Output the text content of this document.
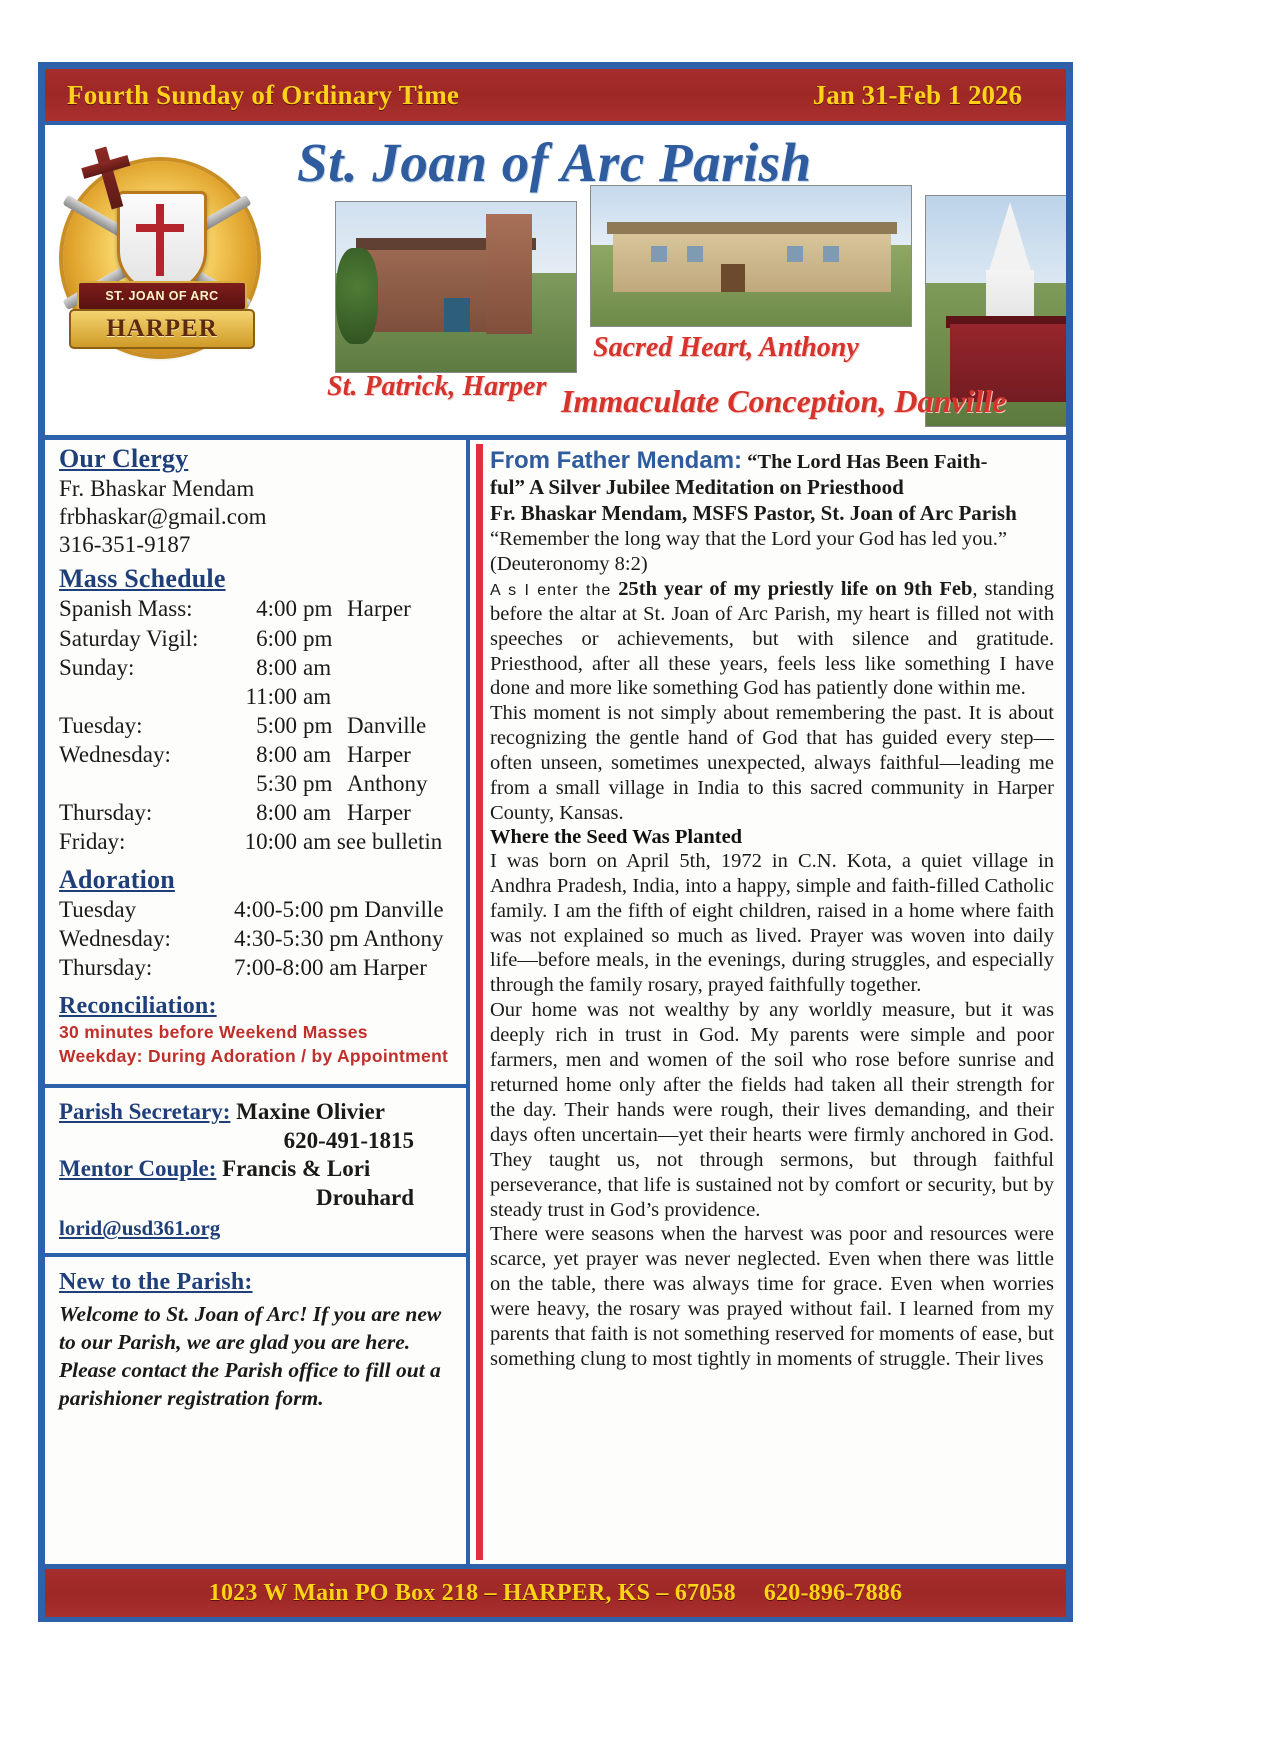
Fourth Sunday of Ordinary Time	Jan 31-Feb 1 2026
St. Joan of Arc Parish
ST. JOAN OF ARC
HARPER
St. Patrick, Harper
Sacred Heart, Anthony
Immaculate Conception, Danville
Our Clergy
Fr. Bhaskar Mendam
frbhaskar@gmail.com
316-351-9187
Mass Schedule
Spanish Mass:	4:00	pm	Harper
Saturday Vigil:	6:00	pm	
Sunday:	8:00	am	
	11:00	am	
Tuesday:	5:00	pm	Danville
Wednesday:	8:00	am	Harper
	5:30	pm	Anthony
Thursday:	8:00	am	Harper
Friday:	10:00	am see bulletin	
Adoration
Tuesday	4:00-5:00 pm Danville
Wednesday:	4:30-5:30 pm Anthony
Thursday:	7:00-8:00 am Harper
Reconciliation:
30 minutes before Weekend Masses
Weekday: During Adoration / by Appointment
Parish Secretary: Maxine Olivier
620-491-1815
Mentor Couple: Francis & Lori
Drouhard
lorid@usd361.org
New to the Parish:
Welcome to St. Joan of Arc! If you are new to our Parish, we are glad you are here. Please contact the Parish office to fill out a parishioner registration form.

From Father Mendam: “The Lord Has Been Faith-

ful” A Silver Jubilee Meditation on Priesthood

Fr. Bhaskar Mendam, MSFS Pastor, St. Joan of Arc Parish

“Remember the long way that the Lord your God has led you.”

(Deuteronomy 8:2)

A s I enter the 25th year of my priestly life on 9th Feb, standing before the altar at St. Joan of Arc Parish, my heart is filled not with speeches or achievements, but with silence and gratitude. Priesthood, after all these years, feels less like something I have done and more like something God has patiently done within me.

This moment is not simply about remembering the past. It is about recognizing the gentle hand of God that has guided every step—often unseen, sometimes unexpected, always faithful—leading me from a small village in India to this sacred community in Harper County, Kansas.

Where the Seed Was Planted

I was born on April 5th, 1972 in C.N. Kota, a quiet village in Andhra Pradesh, India, into a happy, simple and faith-filled Catholic family. I am the fifth of eight children, raised in a home where faith was not explained so much as lived. Prayer was woven into daily life—before meals, in the evenings, during struggles, and especially through the family rosary, prayed faithfully together.

Our home was not wealthy by any worldly measure, but it was deeply rich in trust in God. My parents were simple and poor farmers, men and women of the soil who rose before sunrise and returned home only after the fields had taken all their strength for the day. Their hands were rough, their lives demanding, and their days often uncertain—yet their hearts were firmly anchored in God. They taught us, not through sermons, but through faithful perseverance, that life is sustained not by comfort or security, but by steady trust in God’s providence.

There were seasons when the harvest was poor and resources were scarce, yet prayer was never neglected. Even when there was little on the table, there was always time for grace. Even when worries were heavy, the rosary was prayed without fail. I learned from my parents that faith is not something reserved for moments of ease, but something clung to most tightly in moments of struggle. Their lives

1023 W Main PO Box 218 – HARPER, KS – 67058 620-896-7886
